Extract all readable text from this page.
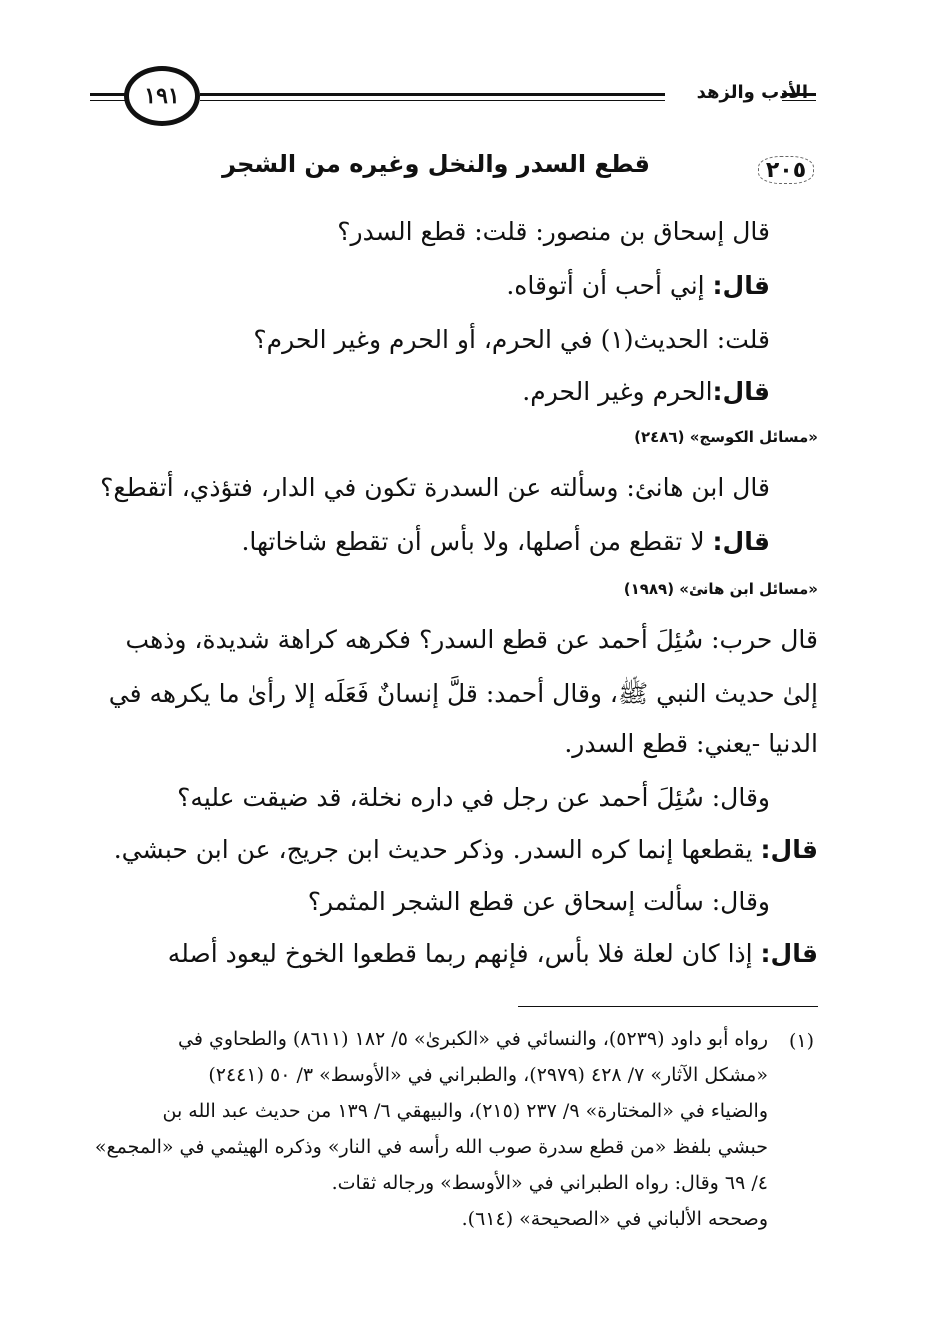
١٩١	الأدب والزهد
٢٠٥
قطع السدر والنخل وغيره من الشجر
قال إسحاق بن منصور: قلت: قطع السدر؟
قال: إني أحب أن أتوقاه.
قلت: الحديث(١) في الحرم، أو الحرم وغير الحرم؟
قال:الحرم وغير الحرم.
«مسائل الكوسج» (٢٤٨٦)
قال ابن هانئ: وسألته عن السدرة تكون في الدار، فتؤذي، أتقطع؟
قال: لا تقطع من أصلها، ولا بأس أن تقطع شاخاتها.
«مسائل ابن هانئ» (١٩٨٩)
قال حرب: سُئِلَ أحمد عن قطع السدر؟ فكرهه كراهة شديدة، وذهب
إلىٰ حديث النبي ﷺ، وقال أحمد: قلَّ إنسانٌ فَعَلَه إلا رأىٰ ما يكرهه في
الدنيا -يعني: قطع السدر.
وقال: سُئِلَ أحمد عن رجل في داره نخلة، قد ضيقت عليه؟
قال: يقطعها إنما كره السدر. وذكر حديث ابن جريج، عن ابن حبشي.
وقال: سألت إسحاق عن قطع الشجر المثمر؟
قال: إذا كان لعلة فلا بأس، فإنهم ربما قطعوا الخوخ ليعود أصله
(١)
رواه أبو داود (٥٢٣٩)، والنسائي في «الكبرىٰ» ٥/ ١٨٢ (٨٦١١) والطحاوي في
«مشكل الآثار» ٧/ ٤٢٨ (٢٩٧٩)، والطبراني في «الأوسط» ٣/ ٥٠ (٢٤٤١)
والضياء في «المختارة» ٩/ ٢٣٧ (٢١٥)، والبيهقي ٦/ ١٣٩ من حديث عبد الله بن
حبشي بلفظ «من قطع سدرة صوب الله رأسه في النار» وذكره الهيثمي في «المجمع»
٤/ ٦٩ وقال: رواه الطبراني في «الأوسط» ورجاله ثقات.
وصححه الألباني في «الصحيحة» (٦١٤).
